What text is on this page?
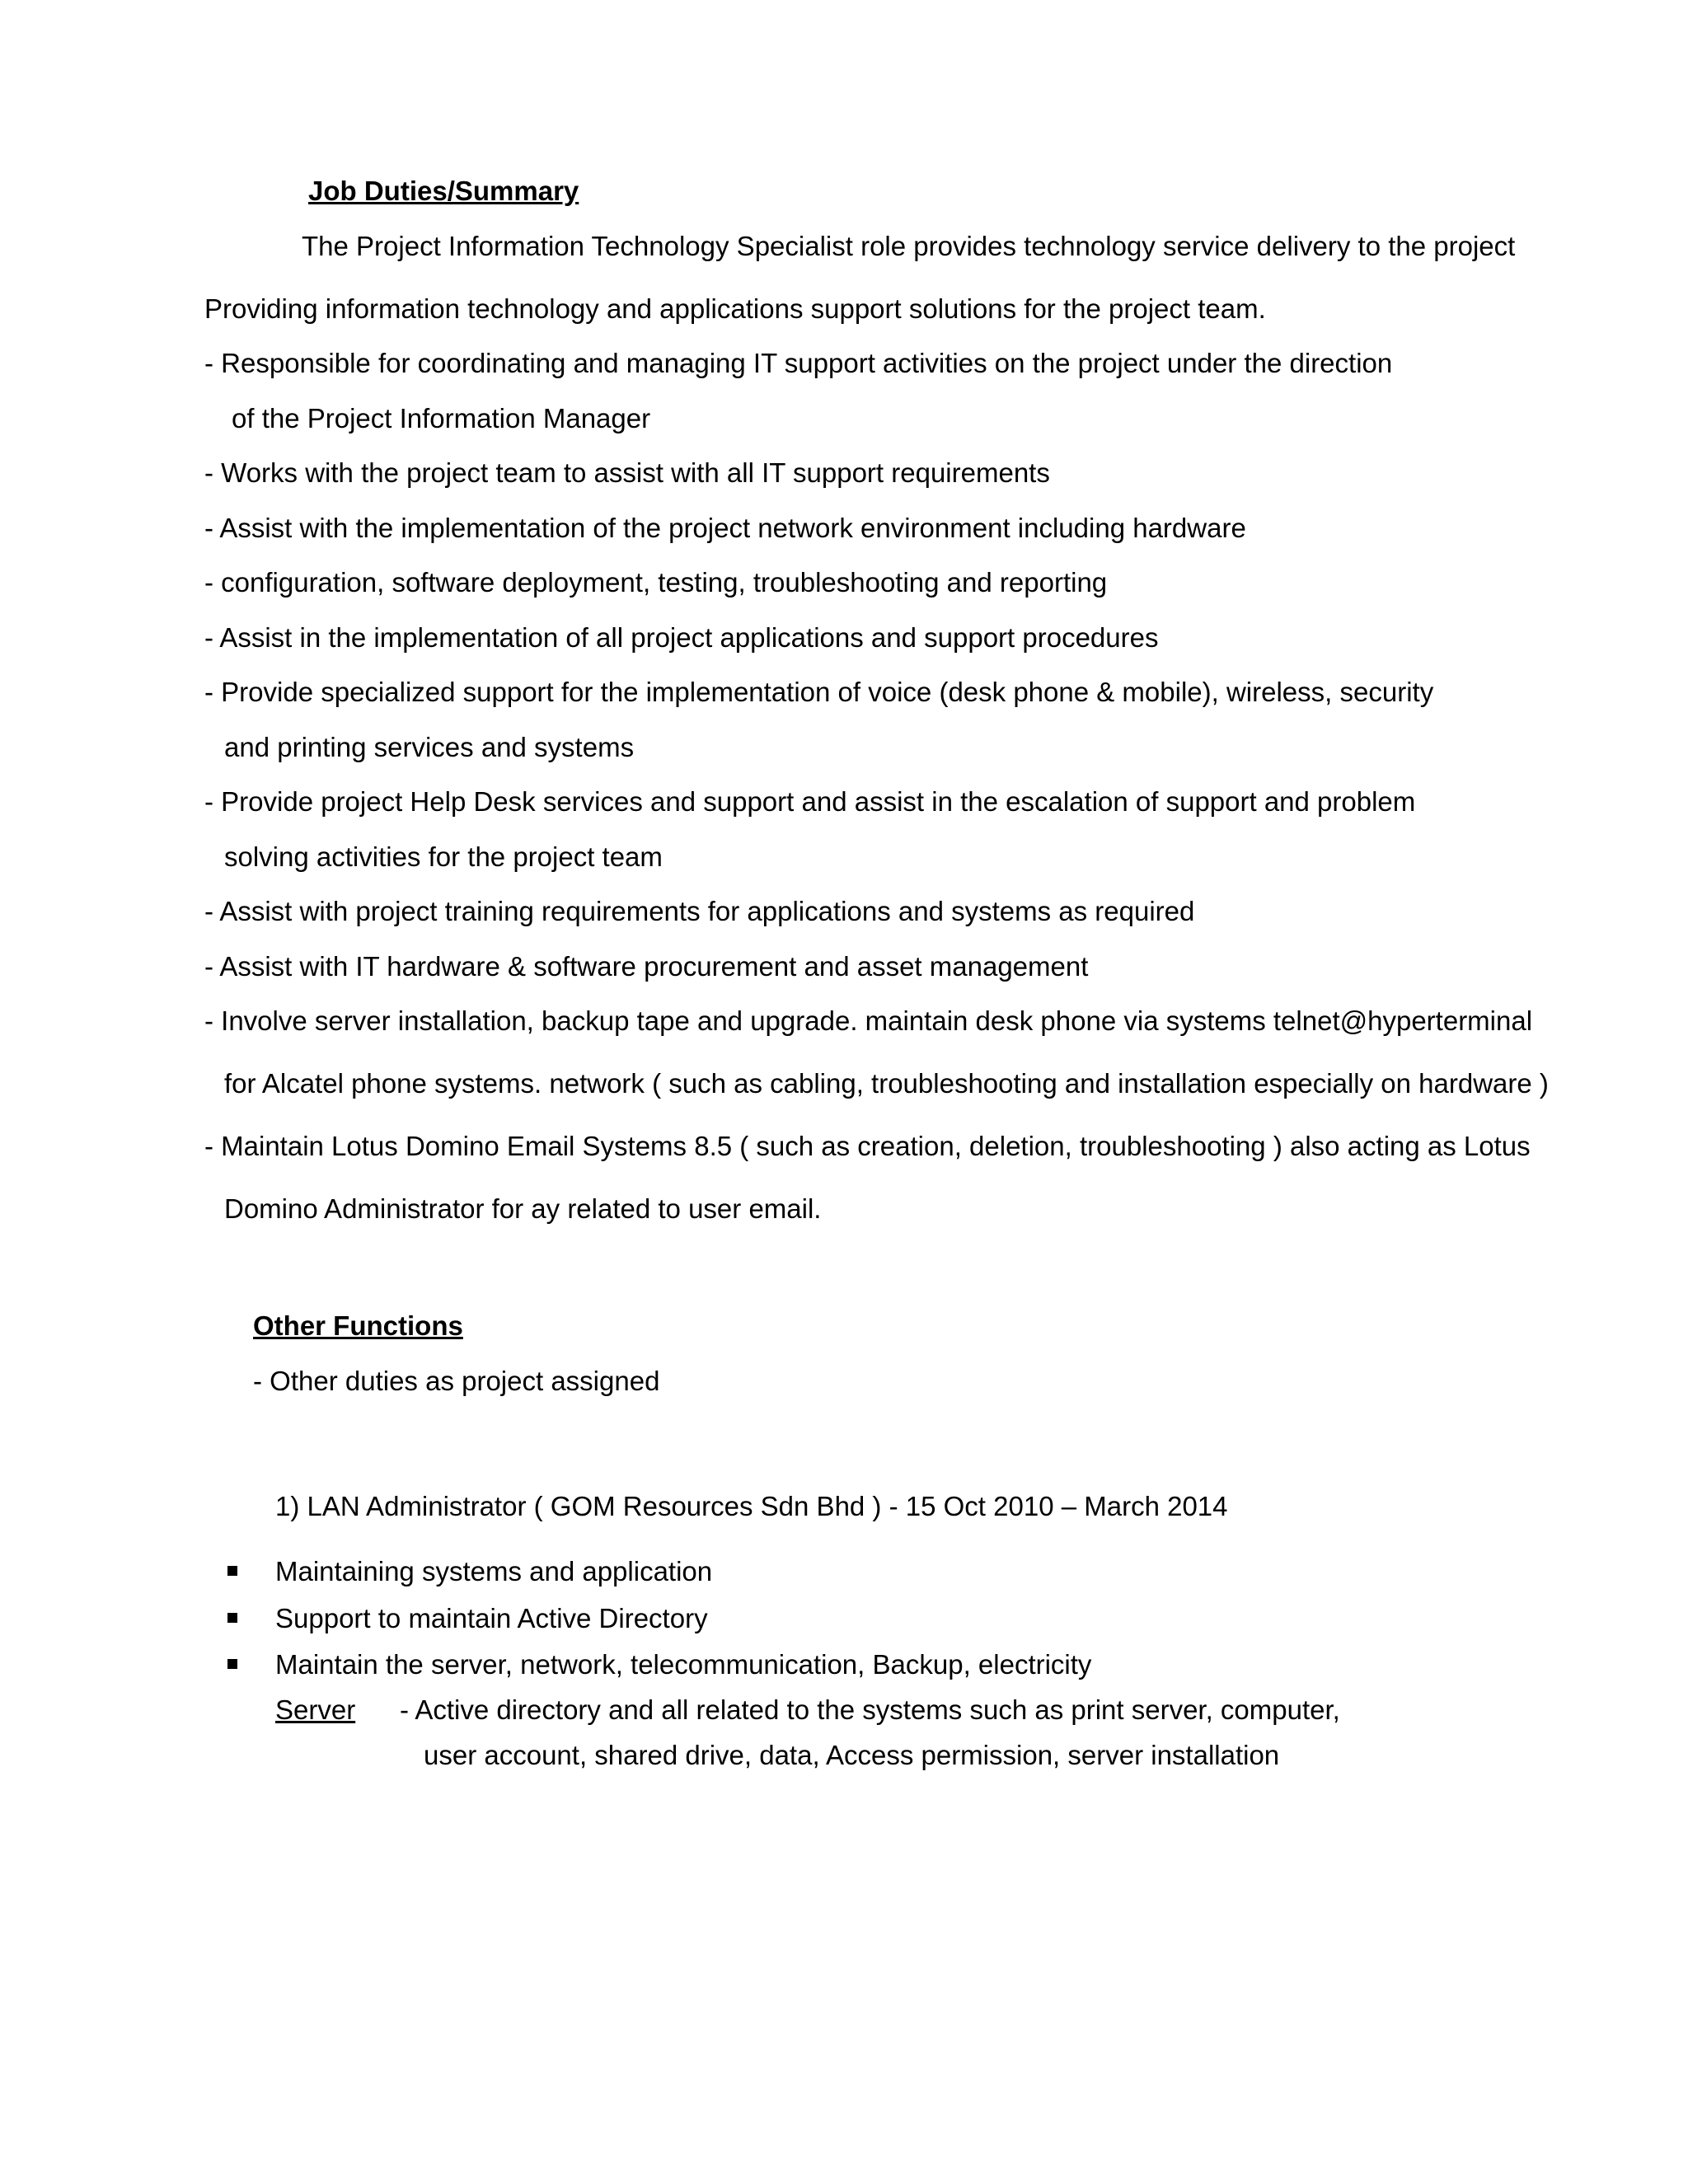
Job Duties/Summary
The Project Information Technology Specialist role provides technology service delivery to the project
Providing information technology and applications support solutions for the project team.
- Responsible for coordinating and managing IT support activities on the project under the direction
of the Project Information Manager
- Works with the project team to assist with all IT support requirements
- Assist with the implementation of the project network environment including hardware
- configuration, software deployment, testing, troubleshooting and reporting
- Assist in the implementation of all project applications and support procedures
- Provide specialized support for the implementation of voice (desk phone & mobile), wireless, security
and printing services and systems
- Provide project Help Desk services and support and assist in the escalation of support and problem
solving activities for the project team
- Assist with project training requirements for applications and systems as required
- Assist with IT hardware & software procurement and asset management
- Involve server installation, backup tape and upgrade. maintain desk phone via systems telnet@hyperterminal
for Alcatel phone systems. network ( such as cabling, troubleshooting and installation especially on hardware )
- Maintain Lotus Domino Email Systems 8.5 ( such as creation, deletion, troubleshooting ) also acting as Lotus
Domino Administrator for ay related to user email.
Other Functions
- Other duties as project assigned
1) LAN Administrator ( GOM Resources Sdn Bhd ) - 15 Oct 2010 – March 2014
Maintaining systems and application
Support to maintain Active Directory
Maintain the server, network, telecommunication, Backup, electricity
Server - Active directory and all related to the systems such as print server, computer,
user account, shared drive, data, Access permission, server installation
